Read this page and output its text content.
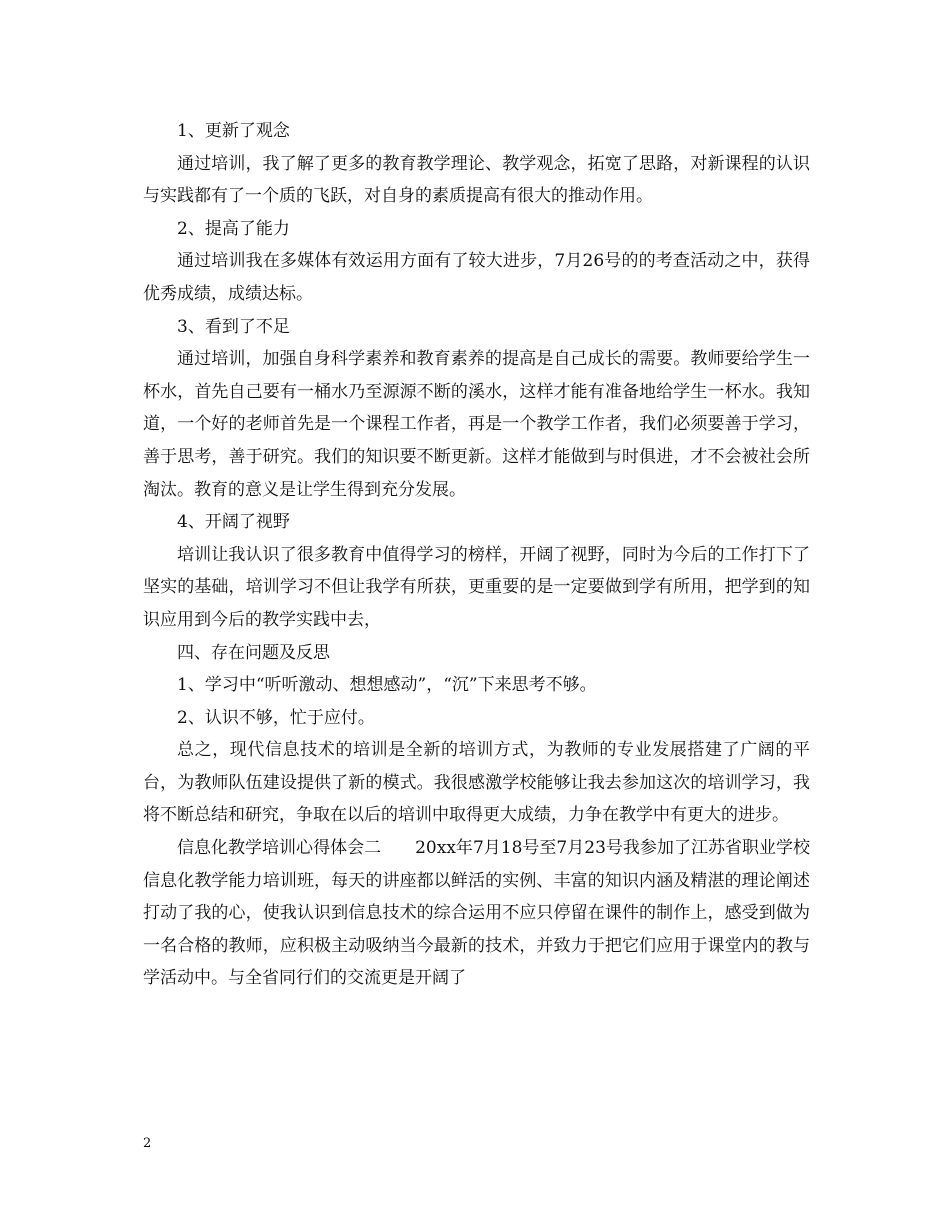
1、更新了观念

通过培训，我了解了更多的教育教学理论、教学观念，拓宽了思路，对新课程的认识与实践都有了一个质的飞跃，对自身的素质提高有很大的推动作用。

2、提高了能力

通过培训我在多媒体有效运用方面有了较大进步，7月26号的的考查活动之中，获得优秀成绩，成绩达标。

3、看到了不足

通过培训，加强自身科学素养和教育素养的提高是自己成长的需要。教师要给学生一杯水，首先自己要有一桶水乃至源源不断的溪水，这样才能有准备地给学生一杯水。我知道，一个好的老师首先是一个课程工作者，再是一个教学工作者，我们必须要善于学习，善于思考，善于研究。我们的知识要不断更新。这样才能做到与时俱进，才不会被社会所淘汰。教育的意义是让学生得到充分发展。

4、开阔了视野

培训让我认识了很多教育中值得学习的榜样，开阔了视野，同时为今后的工作打下了坚实的基础，培训学习不但让我学有所获，更重要的是一定要做到学有所用，把学到的知识应用到今后的教学实践中去，

四、存在问题及反思

1、学习中“听听激动、想想感动”，“沉”下来思考不够。

2、认识不够，忙于应付。

总之，现代信息技术的培训是全新的培训方式，为教师的专业发展搭建了广阔的平台，为教师队伍建设提供了新的模式。我很感激学校能够让我去参加这次的培训学习，我将不断总结和研究，争取在以后的培训中取得更大成绩，力争在教学中有更大的进步。

信息化教学培训心得体会二　　20xx年7月18号至7月23号我参加了江苏省职业学校信息化教学能力培训班，每天的讲座都以鲜活的实例、丰富的知识内涵及精湛的理论阐述打动了我的心，使我认识到信息技术的综合运用不应只停留在课件的制作上，感受到做为一名合格的教师，应积极主动吸纳当今最新的技术，并致力于把它们应用于课堂内的教与学活动中。与全省同行们的交流更是开阔了

2
